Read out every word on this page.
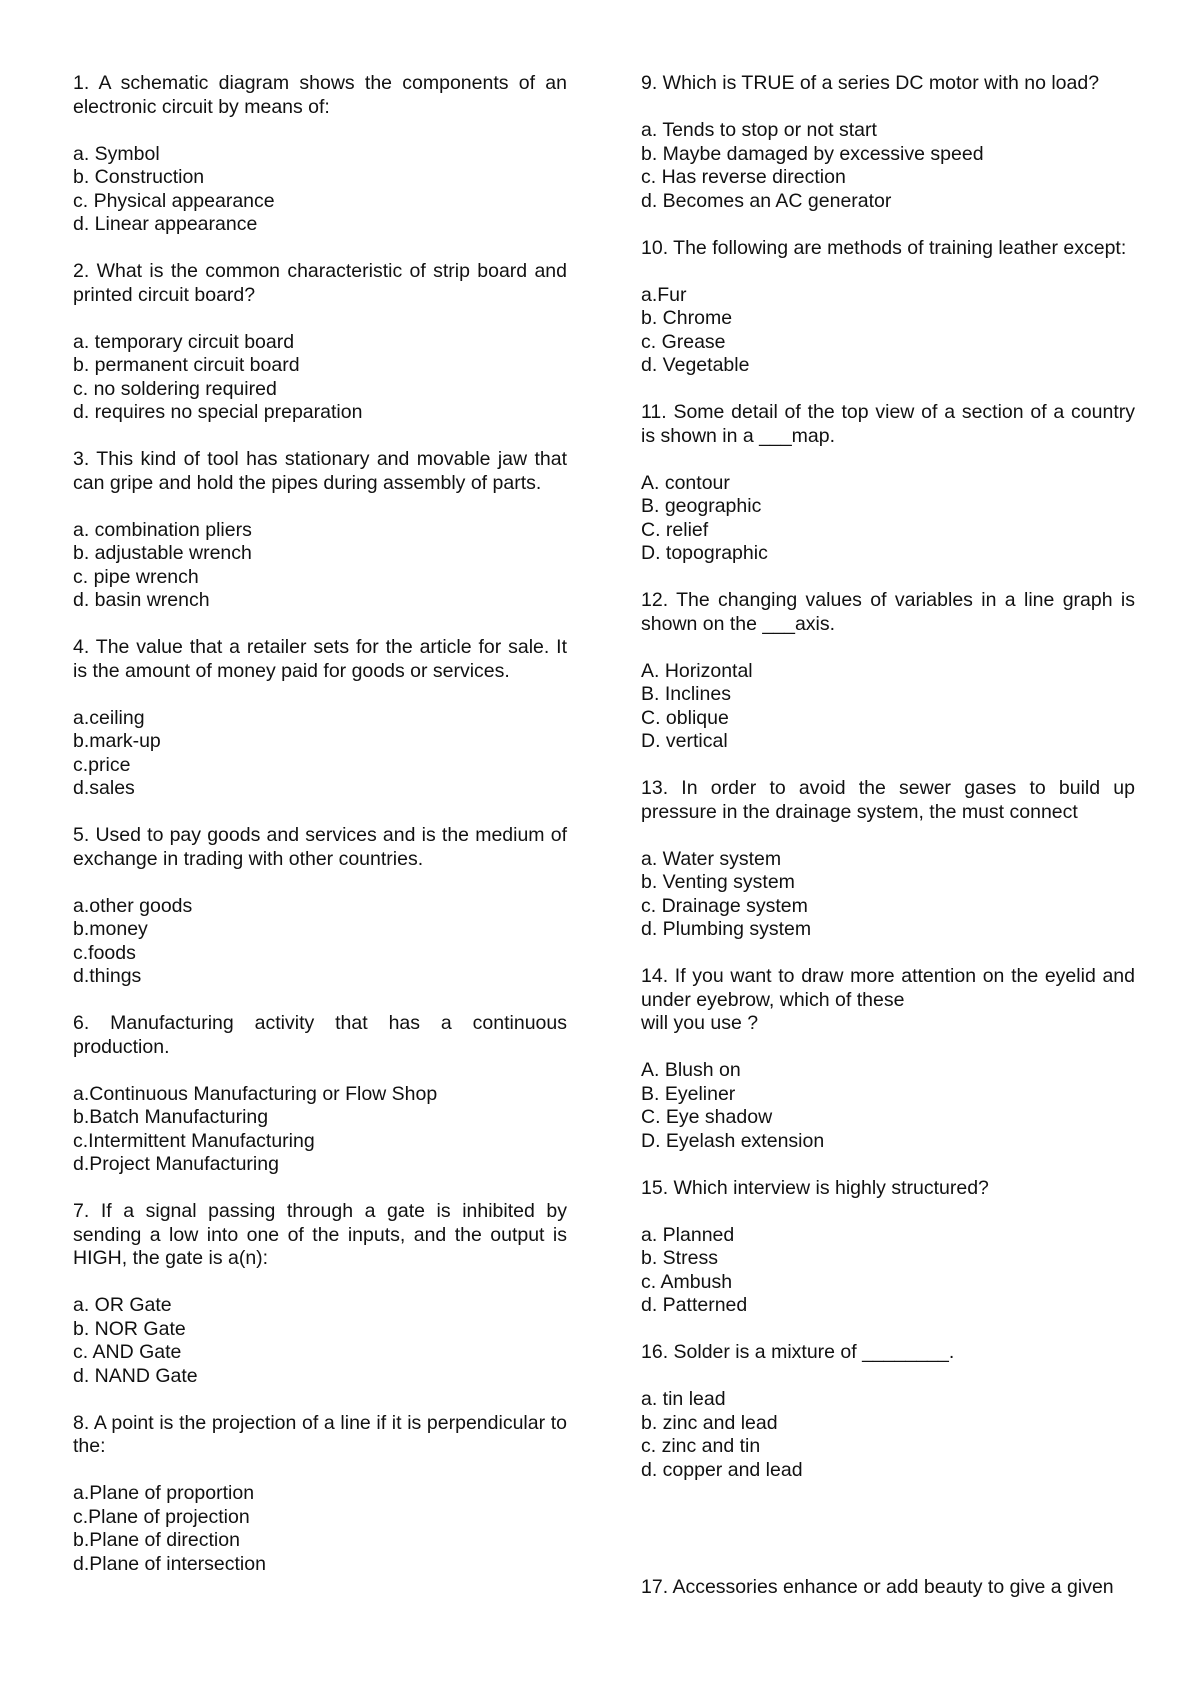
1. A schematic diagram shows the components of an electronic circuit by means of:
a. Symbol
b. Construction
c. Physical appearance
d. Linear appearance
2. What is the common characteristic of strip board and printed circuit board?
a. temporary circuit board
b. permanent circuit board
c. no soldering required
d. requires no special preparation
3. This kind of tool has stationary and movable jaw that can gripe and hold the pipes during assembly of parts.
a. combination pliers
b. adjustable wrench
c. pipe wrench
d. basin wrench
4. The value that a retailer sets for the article for sale. It is the amount of money paid for goods or services.
a.ceiling
b.mark-up
c.price
d.sales
5. Used to pay goods and services and is the medium of exchange in trading with other countries.
a.other goods
b.money
c.foods
d.things
6. Manufacturing activity that has a continuous production.
a.Continuous Manufacturing or Flow Shop
b.Batch Manufacturing
c.Intermittent Manufacturing
d.Project Manufacturing
7. If a signal passing through a gate is inhibited by sending a low into one of the inputs, and the output is HIGH, the gate is a(n):
a. OR Gate
b. NOR Gate
c. AND Gate
d. NAND Gate
8. A point is the projection of a line if it is perpendicular to the:
a.Plane of proportion
c.Plane of projection
b.Plane of direction
d.Plane of intersection
9. Which is TRUE of a series DC motor with no load?
a. Tends to stop or not start
b. Maybe damaged by excessive speed
c. Has reverse direction
d. Becomes an AC generator
10. The following are methods of training leather except:
a.Fur
b. Chrome
c. Grease
d. Vegetable
11. Some detail of the top view of a section of a country is shown in a ___map.
A. contour
B. geographic
C. relief
D. topographic
12. The changing values of variables in a line graph is shown on the ___axis.
A. Horizontal
B. Inclines
C. oblique
D. vertical
13. In order to avoid the sewer gases to build up pressure in the drainage system, the must connect
a. Water system
b. Venting system
c. Drainage system
d. Plumbing system
14. If you want to draw more attention on the eyelid and under eyebrow, which of these
will you use ?
A. Blush on
B. Eyeliner
C. Eye shadow
D. Eyelash extension
15. Which interview is highly structured?
a. Planned
b. Stress
c. Ambush
d. Patterned
16. Solder is a mixture of ________.
a. tin lead
b. zinc and lead
c. zinc and tin
d. copper and lead
17. Accessories enhance or add beauty to give a given
